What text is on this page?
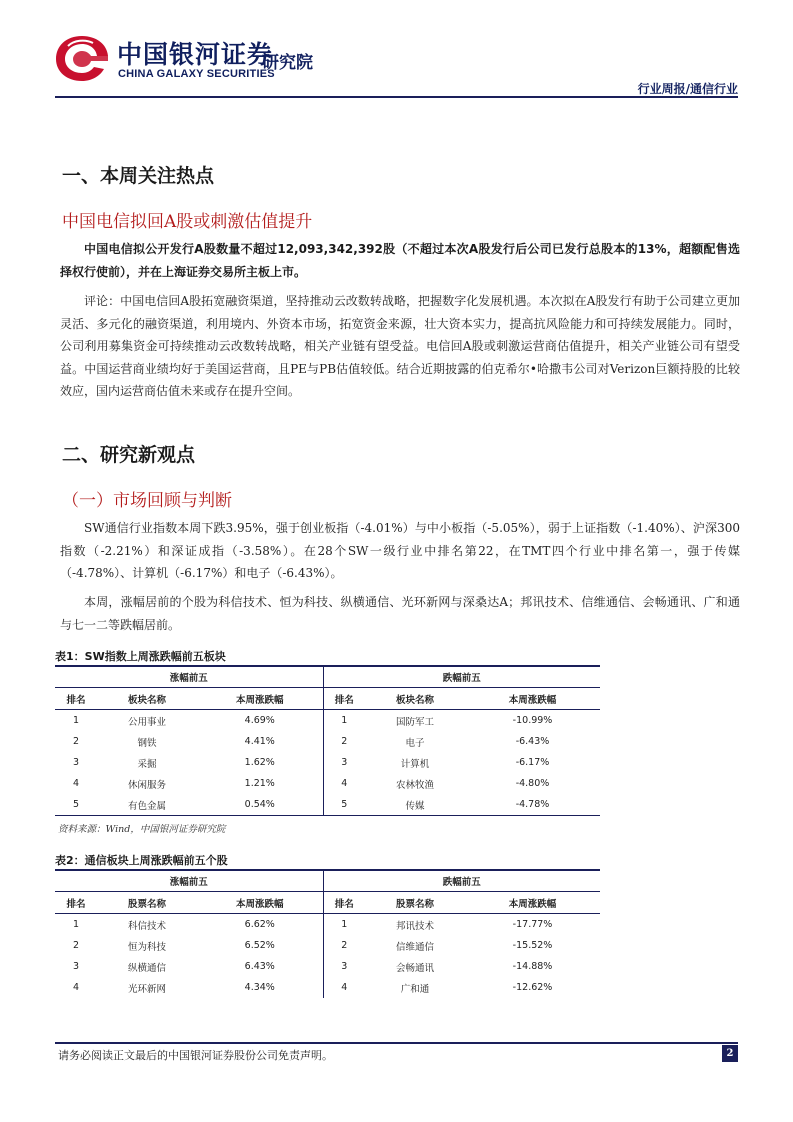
中国银河证券
CHINA GALAXY SECURITIES
研究院
行业周报/通信行业
一、本周关注热点
中国电信拟回A股或刺激估值提升

中国电信拟公开发行A股数量不超过12,093,342,392股（不超过本次A股发行后公司已发行总股本的13%，超额配售选择权行使前），并在上海证券交易所主板上市。

评论：中国电信回A股拓宽融资渠道，坚持推动云改数转战略，把握数字化发展机遇。本次拟在A股发行有助于公司建立更加灵活、多元化的融资渠道，利用境内、外资本市场，拓宽资金来源，壮大资本实力，提高抗风险能力和可持续发展能力。同时，公司利用募集资金可持续推动云改数转战略，相关产业链有望受益。电信回A股或刺激运营商估值提升，相关产业链公司有望受益。中国运营商业绩均好于美国运营商，且PE与PB估值较低。结合近期披露的伯克希尔•哈撒韦公司对Verizon巨额持股的比较效应，国内运营商估值未来或存在提升空间。

二、研究新观点
（一）市场回顾与判断

SW通信行业指数本周下跌3.95%，强于创业板指（-4.01%）与中小板指（-5.05%），弱于上证指数（-1.40%）、沪深300指数（-2.21%）和深证成指（-3.58%）。在28个SW一级行业中排名第22，在TMT四个行业中排名第一，强于传媒（-4.78%）、计算机（-6.17%）和电子（-6.43%）。

本周，涨幅居前的个股为科信技术、恒为科技、纵横通信、光环新网与深桑达A；邦讯技术、信维通信、会畅通讯、广和通与七一二等跌幅居前。

表1：SW指数上周涨跌幅前五板块
涨幅前五			跌幅前五		
排名	板块名称	本周涨跌幅	排名	板块名称	本周涨跌幅
1	公用事业	4.69%	1	国防军工	-10.99%
2	钢铁	4.41%	2	电子	-6.43%
3	采掘	1.62%	3	计算机	-6.17%
4	休闲服务	1.21%	4	农林牧渔	-4.80%
5	有色金属	0.54%	5	传媒	-4.78%
资料来源：Wind，中国银河证券研究院
表2：通信板块上周涨跌幅前五个股
涨幅前五			跌幅前五		
排名	股票名称	本周涨跌幅	排名	股票名称	本周涨跌幅
1	科信技术	6.62%	1	邦讯技术	-17.77%
2	恒为科技	6.52%	2	信维通信	-15.52%
3	纵横通信	6.43%	3	会畅通讯	-14.88%
4	光环新网	4.34%	4	广和通	-12.62%
请务必阅读正文最后的中国银河证券股份公司免责声明。	2
